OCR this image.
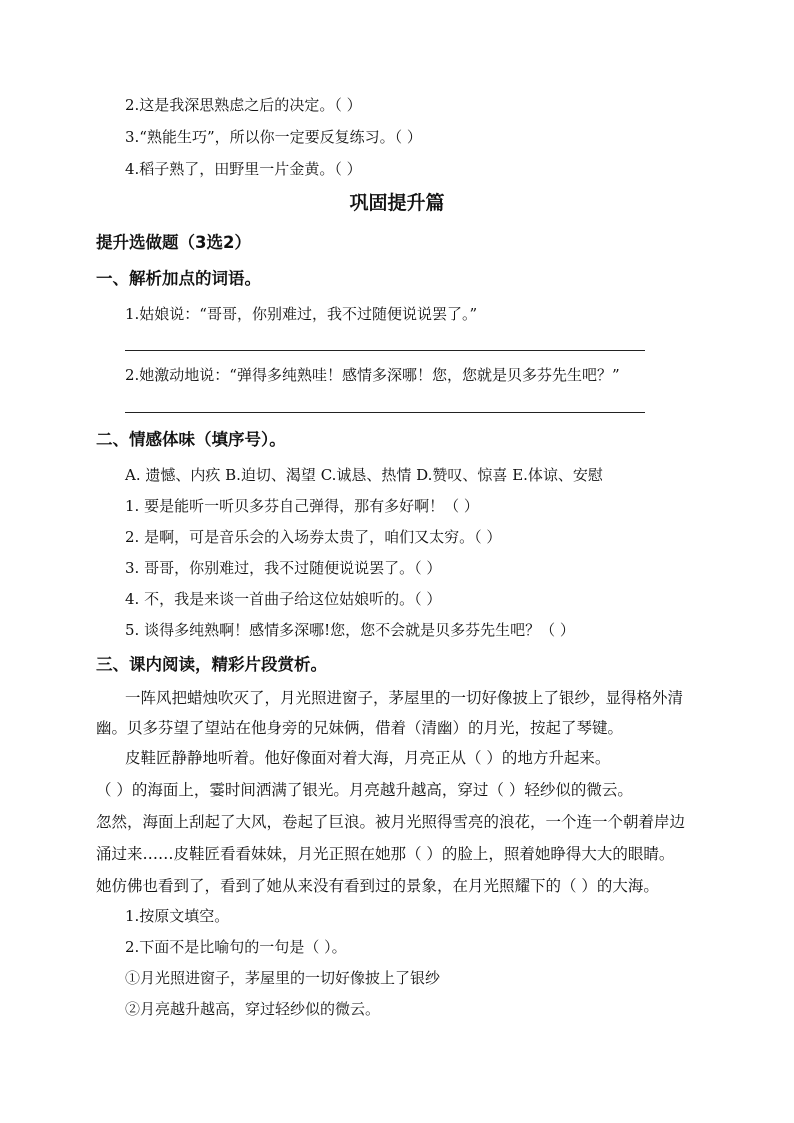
2.这是我深思熟虑之后的决定。（ ）
3.“熟能生巧”，所以你一定要反复练习。（ ）
4.稻子熟了，田野里一片金黄。（ ）
巩固提升篇
提升选做题（3选2）
一、解析加点的词语。
1.姑娘说：“哥哥，你别难过，我不过随便说说罢了。”
2.她激动地说：“弹得多纯熟哇！感情多深哪！您，您就是贝多芬先生吧？”
二、情感体味（填序号）。
A. 遗憾、内疚 B.迫切、渴望 C.诚恳、热情 D.赞叹、惊喜 E.体谅、安慰
1. 要是能听一听贝多芬自己弹得，那有多好啊！（ ）
2. 是啊，可是音乐会的入场券太贵了，咱们又太穷。（ ）
3. 哥哥，你别难过，我不过随便说说罢了。（ ）
4. 不，我是来谈一首曲子给这位姑娘听的。（ ）
5. 谈得多纯熟啊！感情多深哪!您，您不会就是贝多芬先生吧？（ ）
三、课内阅读，精彩片段赏析。
一阵风把蜡烛吹灭了，月光照进窗子，茅屋里的一切好像披上了银纱，显得格外清
幽。贝多芬望了望站在他身旁的兄妹俩，借着（清幽）的月光，按起了琴键。
皮鞋匠静静地听着。他好像面对着大海，月亮正从（ ）的地方升起来。
（ ）的海面上，霎时间洒满了银光。月亮越升越高，穿过（ ）轻纱似的微云。
忽然，海面上刮起了大风，卷起了巨浪。被月光照得雪亮的浪花，一个连一个朝着岸边
涌过来……皮鞋匠看看妹妹，月光正照在她那（ ）的脸上，照着她睁得大大的眼睛。
她仿佛也看到了，看到了她从来没有看到过的景象，在月光照耀下的（ ）的大海。
1.按原文填空。
2.下面不是比喻句的一句是（ ）。
①月光照进窗子，茅屋里的一切好像披上了银纱
②月亮越升越高，穿过轻纱似的微云。
